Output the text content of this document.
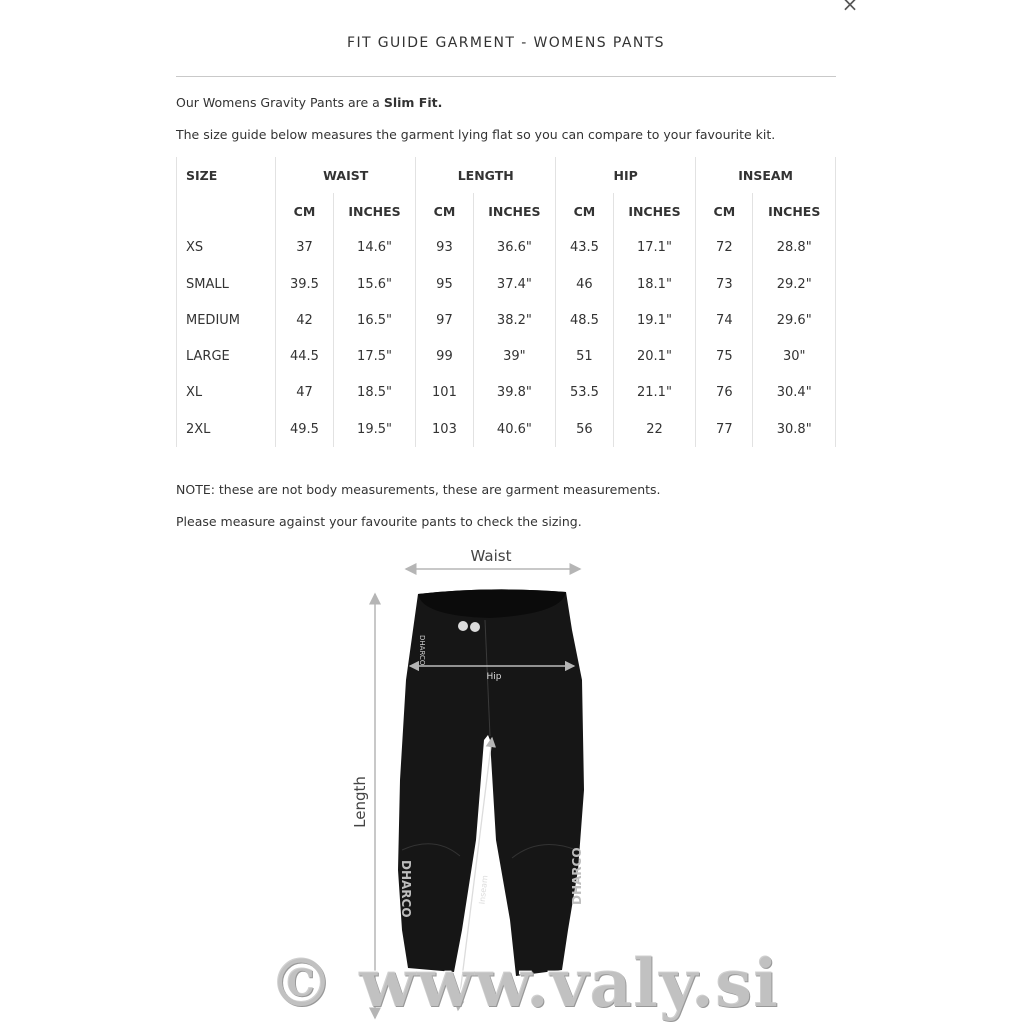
×
FIT GUIDE GARMENT - WOMENS PANTS
Our Womens Gravity Pants are a Slim Fit.
The size guide below measures the garment lying flat so you can compare to your favourite kit.
SIZE	WAIST		LENGTH		HIP		INSEAM	
	CM	INCHES	CM	INCHES	CM	INCHES	CM	INCHES
XS	37	14.6"	93	36.6"	43.5	17.1"	72	28.8"
SMALL	39.5	15.6"	95	37.4"	46	18.1"	73	29.2"
MEDIUM	42	16.5"	97	38.2"	48.5	19.1"	74	29.6"
LARGE	44.5	17.5"	99	39"	51	20.1"	75	30"
XL	47	18.5"	101	39.8"	53.5	21.1"	76	30.4"
2XL	49.5	19.5"	103	40.6"	56	22	77	30.8"
NOTE: these are not body measurements, these are garment measurements.
Please measure against your favourite pants to check the sizing.
Waist
Length
Hip
Inseam
DHARCO
DHARCO	DHARCO
© www.valy.si
